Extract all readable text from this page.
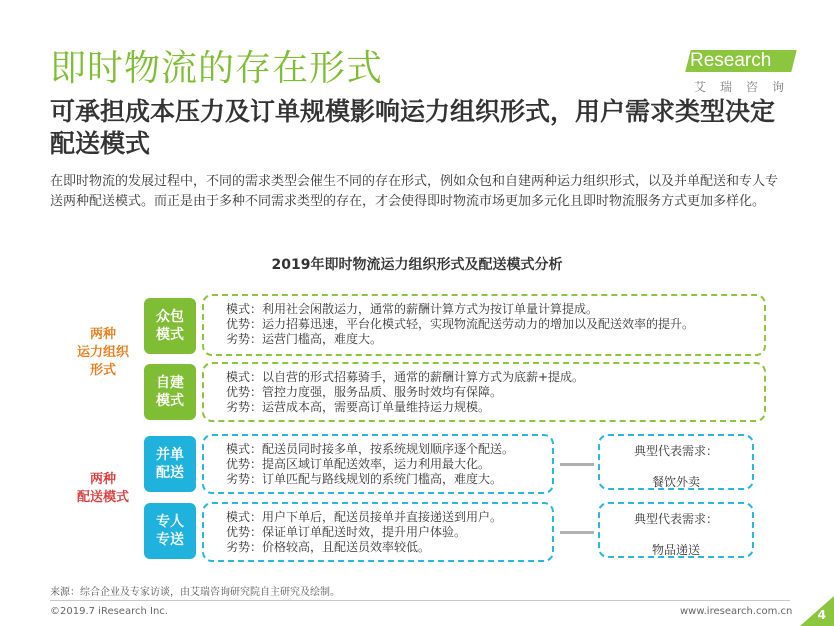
即时物流的存在形式	Research
艾瑞咨询
可承担成本压力及订单规模影响运力组织形式，用户需求类型决定配送模式

在即时物流的发展过程中，不同的需求类型会催生不同的存在形式，例如众包和自建两种运力组织形式，以及并单配送和专人专送两种配送模式。而正是由于多种不同需求类型的存在，才会使得即时物流市场更加多元化且即时物流服务方式更加多样化。

2019年即时物流运力组织形式及配送模式分析
两种
运力组织
形式
两种
配送模式
众包
模式
模式：利用社会闲散运力，通常的薪酬计算方式为按订单量计算提成。
优势：运力招募迅速，平台化模式轻，实现物流配送劳动力的增加以及配送效率的提升。
劣势：运营门槛高，难度大。
自建
模式
模式：以自营的形式招募骑手，通常的薪酬计算方式为底薪+提成。
优势：管控力度强，服务品质、服务时效均有保障。
劣势：运营成本高，需要高订单量维持运力规模。
并单
配送
模式：配送员同时接多单，按系统规划顺序逐个配送。
优势：提高区域订单配送效率，运力利用最大化。
劣势：订单匹配与路线规划的系统门槛高，难度大。
典型代表需求：
餐饮外卖
专人
专送
模式：用户下单后，配送员接单并直接递送到用户。
优势：保证单订单配送时效，提升用户体验。
劣势：价格较高，且配送员效率较低。
典型代表需求：
物品递送
来源：综合企业及专家访谈，由艾瑞咨询研究院自主研究及绘制。
©2019.7 iResearch Inc.	www.iresearch.com.cn 4
